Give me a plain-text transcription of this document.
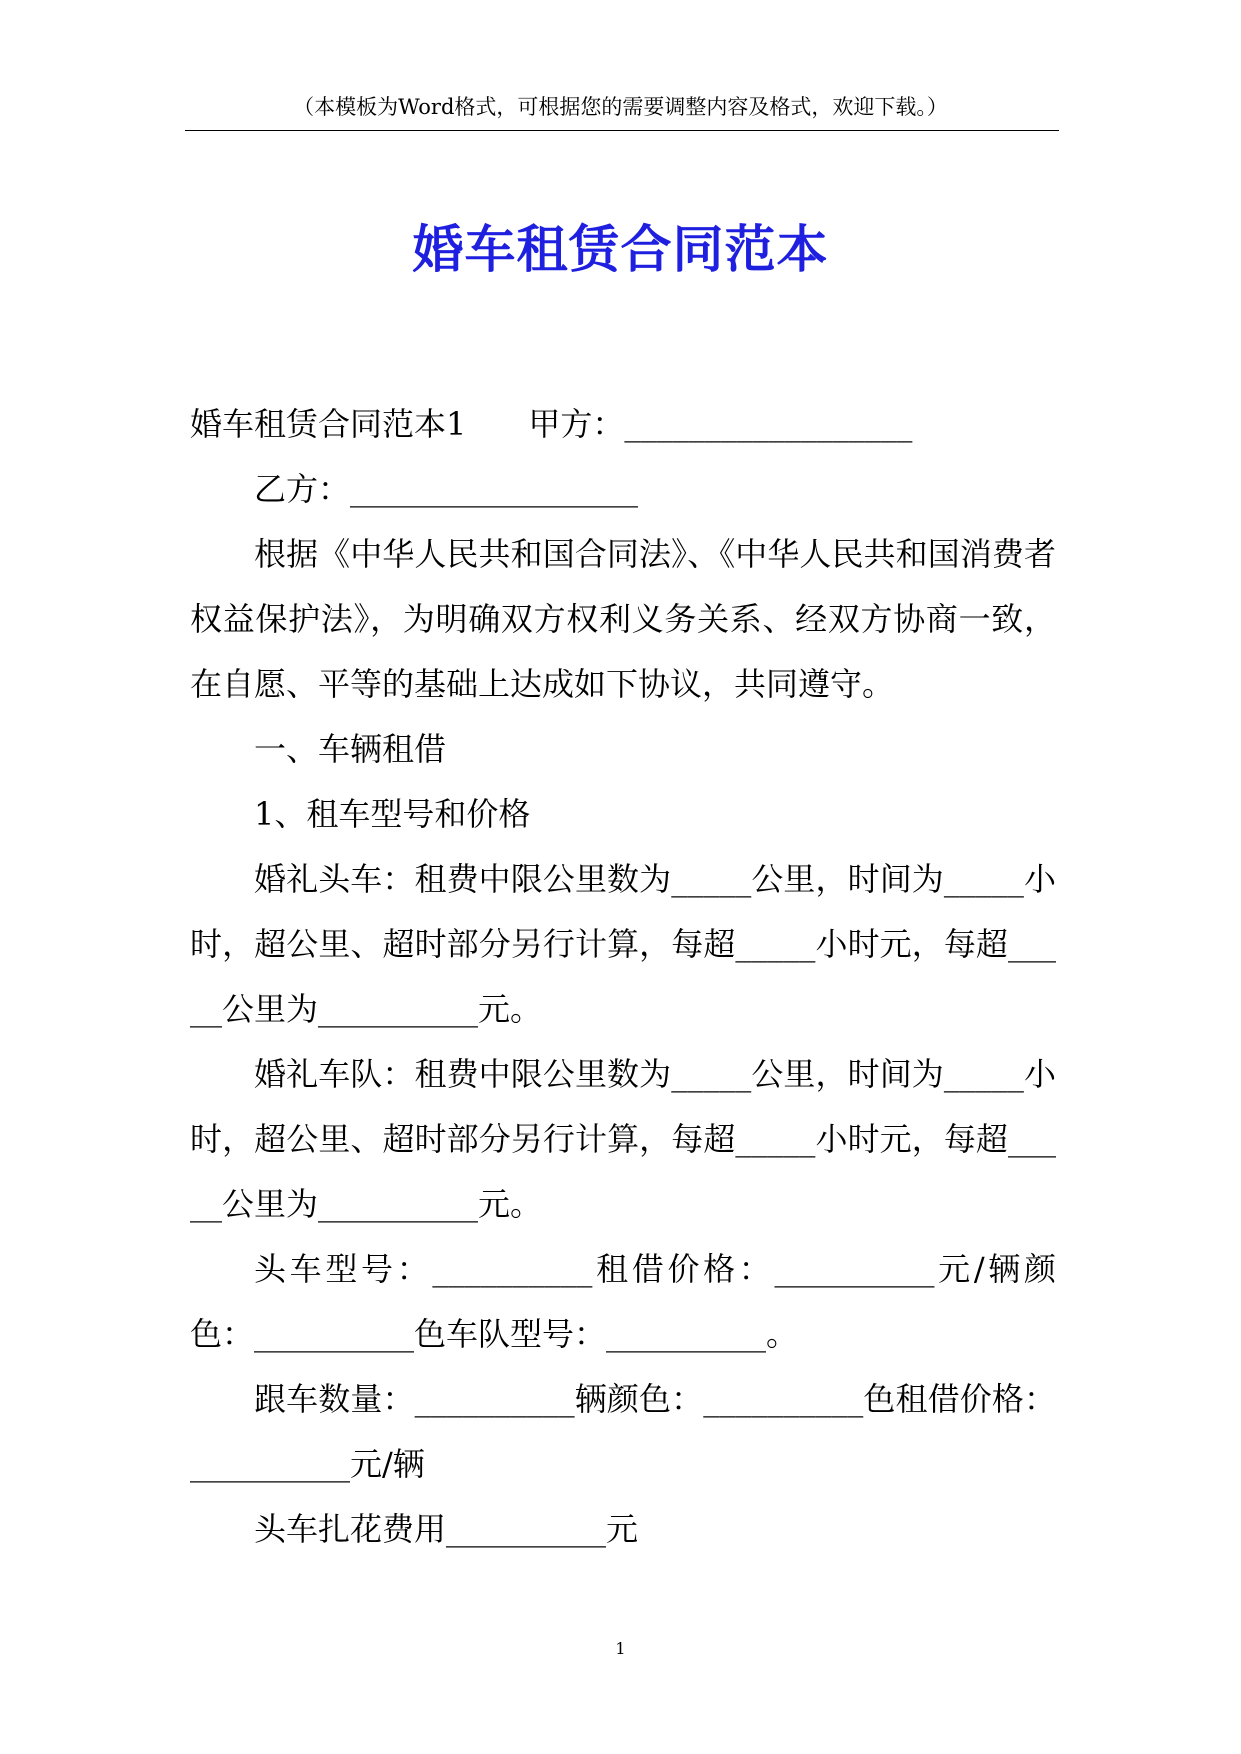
（本模板为Word格式，可根据您的需要调整内容及格式，欢迎下载。）
婚车租赁合同范本

婚车租赁合同范本1 甲方：__________________

乙方：__________________

根据《中华人民共和国合同法》、《中华人民共和国消费者权益保护法》，为明确双方权利义务关系、经双方协商一致，在自愿、平等的基础上达成如下协议，共同遵守。

一、车辆租借

1、租车型号和价格

婚礼头车：租费中限公里数为_____公里，时间为_____小时，超公里、超时部分另行计算，每超_____小时元，每超_____公里为__________元。

婚礼车队：租费中限公里数为_____公里，时间为_____小时，超公里、超时部分另行计算，每超_____小时元，每超_____公里为__________元。

头车型号：__________租借价格：__________元/辆颜色：__________色车队型号：__________。

跟车数量：__________辆颜色：__________色租借价格：__________元/辆

头车扎花费用__________元

1
